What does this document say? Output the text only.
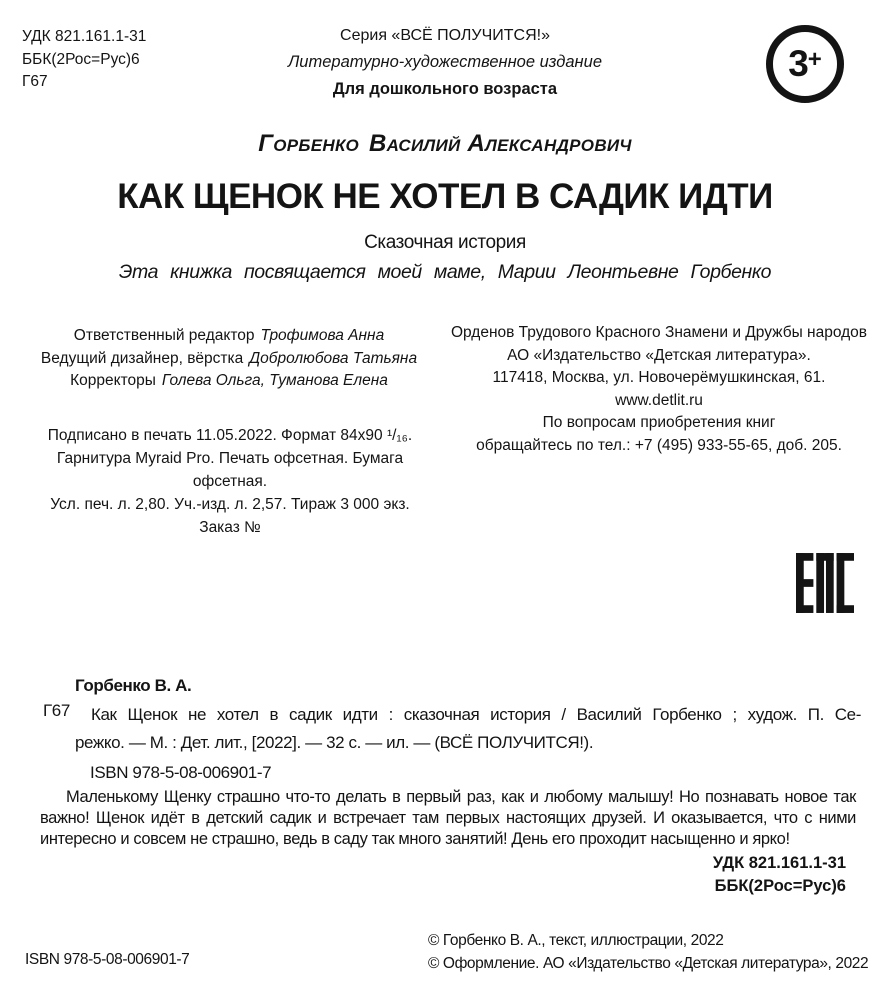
УДК 821.161.1-31
ББК(2Рос=Рус)6
Г67
Серия «ВСЁ ПОЛУЧИТСЯ!»
Литературно-художественное издание
Для дошкольного возраста
3 +
Горбенко Василий Александрович
КАК ЩЕНОК НЕ ХОТЕЛ В САДИК ИДТИ
Сказочная история
Эта книжка посвящается моей маме, Марии Леонтьевне Горбенко
Ответственный редактор Трофимова Анна
Ведущий дизайнер, вёрстка Добролюбова Татьяна
Корректоры Голева Ольга, Туманова Елена
Орденов Трудового Красного Знамени и Дружбы народов
АО «Издательство «Детская литература».
117418, Москва, ул. Новочерёмушкинская, 61.
www.detlit.ru
По вопросам приобретения книг
обращайтесь по тел.: +7 (495) 933-55-65, доб. 205.
Подписано в печать 11.05.2022. Формат 84х90 ¹/₁₆.
Гарнитура Myraid Pro. Печать офсетная. Бумага офсетная.
Усл. печ. л. 2,80. Уч.-изд. л. 2,57. Тираж 3 000 экз.
Заказ №
Горбенко В. А.
Г67	Как Щенок не хотел в садик идти : сказочная история / Василий Горбенко ; худож. П. Се-
режко. — М. : Дет. лит., [2022]. — 32 с. — ил. — (ВСЁ ПОЛУЧИТСЯ!).
ISBN 978-5-08-006901-7
Маленькому Щенку страшно что-то делать в первый раз, как и любому малышу! Но познавать новое так важно! Щенок идёт в детский садик и встречает там первых настоящих друзей. И оказывается, что с ними интересно и совсем не страшно, ведь в саду так много занятий! День его проходит насыщенно и ярко!
УДК 821.161.1-31
ББК(2Рос=Рус)6
ISBN 978-5-08-006901-7
© Горбенко В. А., текст, иллюстрации, 2022
© Оформление. АО «Издательство «Детская литература», 2022
